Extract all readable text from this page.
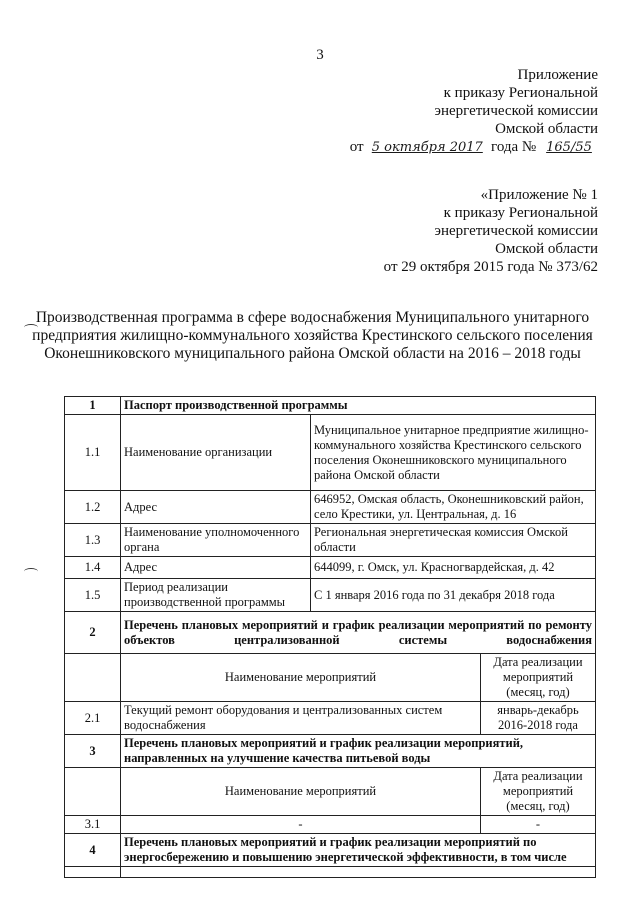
3
Приложение
к приказу Региональной
энергетической комиссии
Омской области
от 5 октября 2017 года № 165/55
«Приложение № 1
к приказу Региональной
энергетической комиссии
Омской области
от 29 октября 2015 года № 373/62
Производственная программа в сфере водоснабжения Муниципального унитарного предприятия жилищно-коммунального хозяйства Крестинского сельского поселения Оконешниковского муниципального района Омской области на 2016 – 2018 годы
1	Паспорт производственной программы		
1.1	Наименование организации	Муниципальное унитарное предприятие жилищно-коммунального хозяйства Крестинского сельского поселения Оконешниковского муниципального района Омской области	
1.2	Адрес	646952, Омская область, Оконешниковский район, село Крестики, ул. Центральная, д. 16	
1.3	Наименование уполномоченного органа	Региональная энергетическая комиссия Омской области	
1.4	Адрес	644099, г. Омск, ул. Красногвардейская, д. 42	
1.5	Период реализации производственной программы	С 1 января 2016 года по 31 декабря 2018 года	
2	Перечень плановых мероприятий и график реализации мероприятий по ремонту объектов централизованной системы водоснабжения		
	Наименование мероприятий		Дата реализации мероприятий (месяц, год)
2.1	Текущий ремонт оборудования и централизованных систем водоснабжения		январь-декабрь 2016-2018 года
3	Перечень плановых мероприятий и график реализации мероприятий, направленных на улучшение качества питьевой воды		
	Наименование мероприятий		Дата реализации мероприятий (месяц, год)
3.1	-		-
4	Перечень плановых мероприятий и график реализации мероприятий по энергосбережению и повышению энергетической эффективности, в том числе		
